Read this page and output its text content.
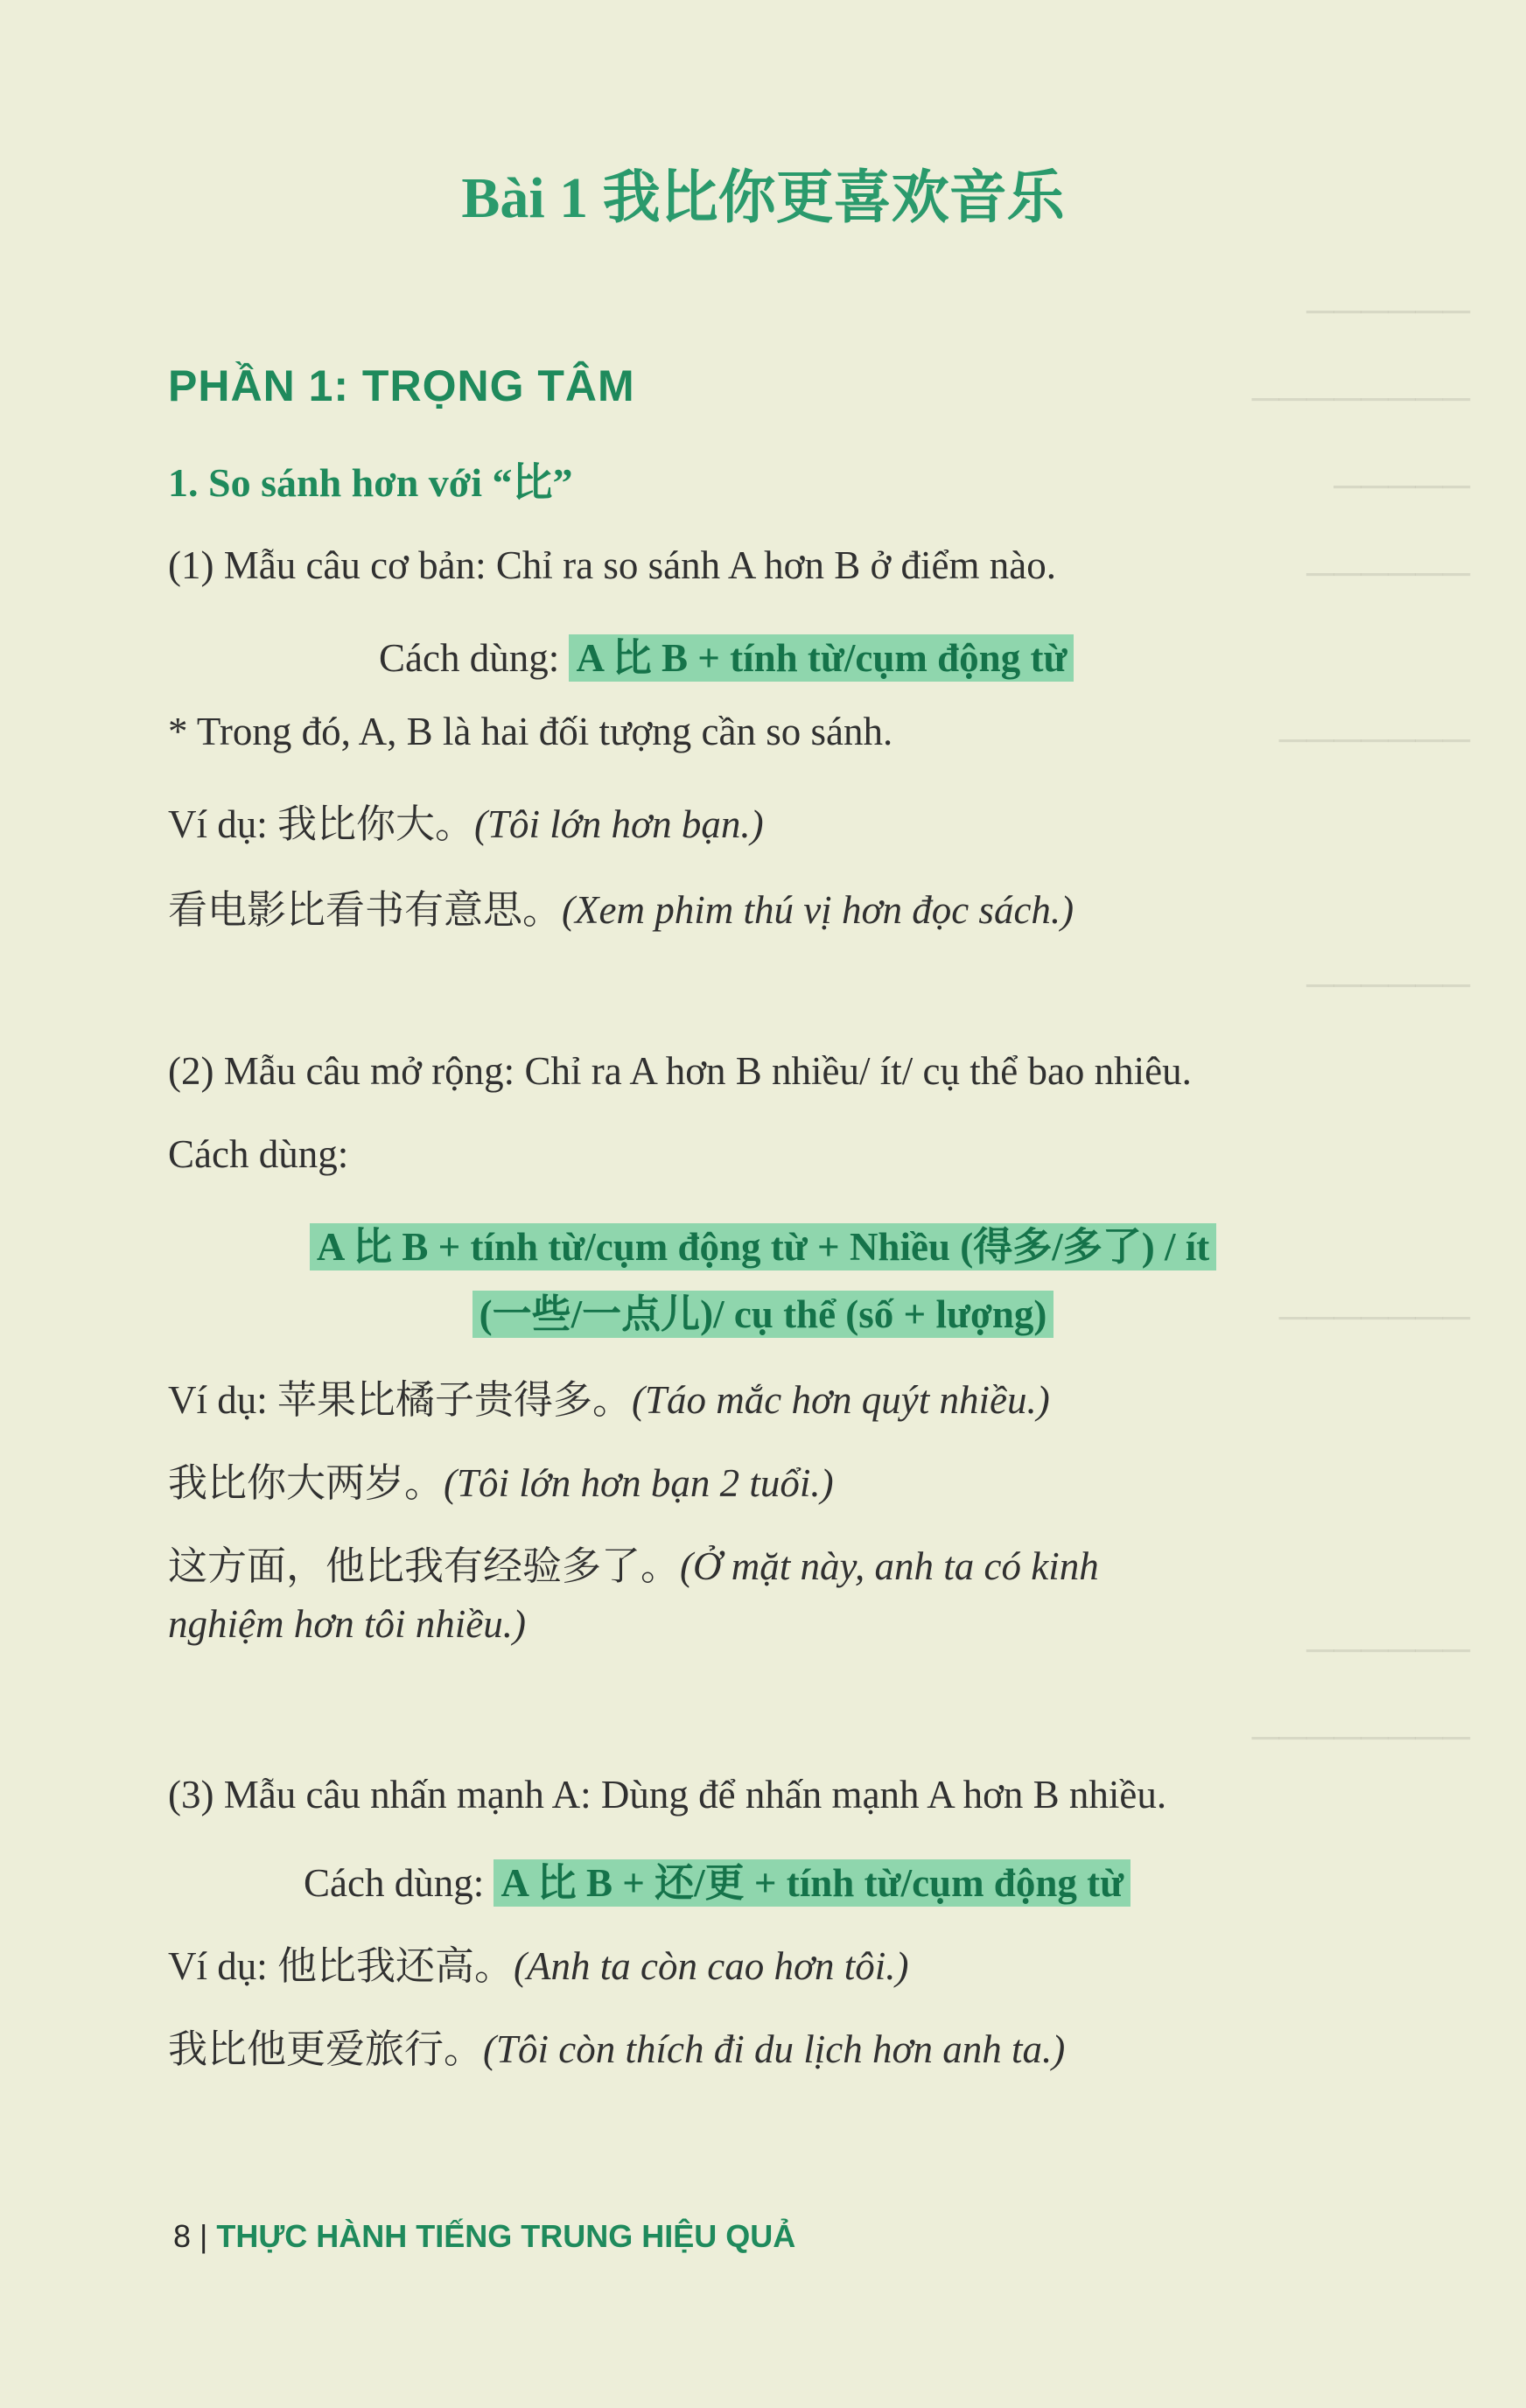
──────
────────
─────
──────
───────
──────
───────
──────
────────
Bài 1 我比你更喜欢音乐
PHẦN 1: TRỌNG TÂM
1. So sánh hơn với “比”
(1) Mẫu câu cơ bản: Chỉ ra so sánh A hơn B ở điểm nào.
Cách dùng: A 比 B + tính từ/cụm động từ
* Trong đó, A, B là hai đối tượng cần so sánh.
Ví dụ: 我比你大。(Tôi lớn hơn bạn.)
看电影比看书有意思。(Xem phim thú vị hơn đọc sách.)
(2) Mẫu câu mở rộng: Chỉ ra A hơn B nhiều/ ít/ cụ thể bao nhiêu.
Cách dùng:
A 比 B + tính từ/cụm động từ + Nhiều (得多/多了) / ít
(一些/一点儿)/ cụ thể (số + lượng)
Ví dụ: 苹果比橘子贵得多。(Táo mắc hơn quýt nhiều.)
我比你大两岁。(Tôi lớn hơn bạn 2 tuổi.)
这方面，他比我有经验多了。(Ở mặt này, anh ta có kinh
nghiệm hơn tôi nhiều.)
(3) Mẫu câu nhấn mạnh A: Dùng để nhấn mạnh A hơn B nhiều.
Cách dùng: A 比 B + 还/更 + tính từ/cụm động từ
Ví dụ: 他比我还高。(Anh ta còn cao hơn tôi.)
我比他更爱旅行。(Tôi còn thích đi du lịch hơn anh ta.)
8 | THỰC HÀNH TIẾNG TRUNG HIỆU QUẢ
